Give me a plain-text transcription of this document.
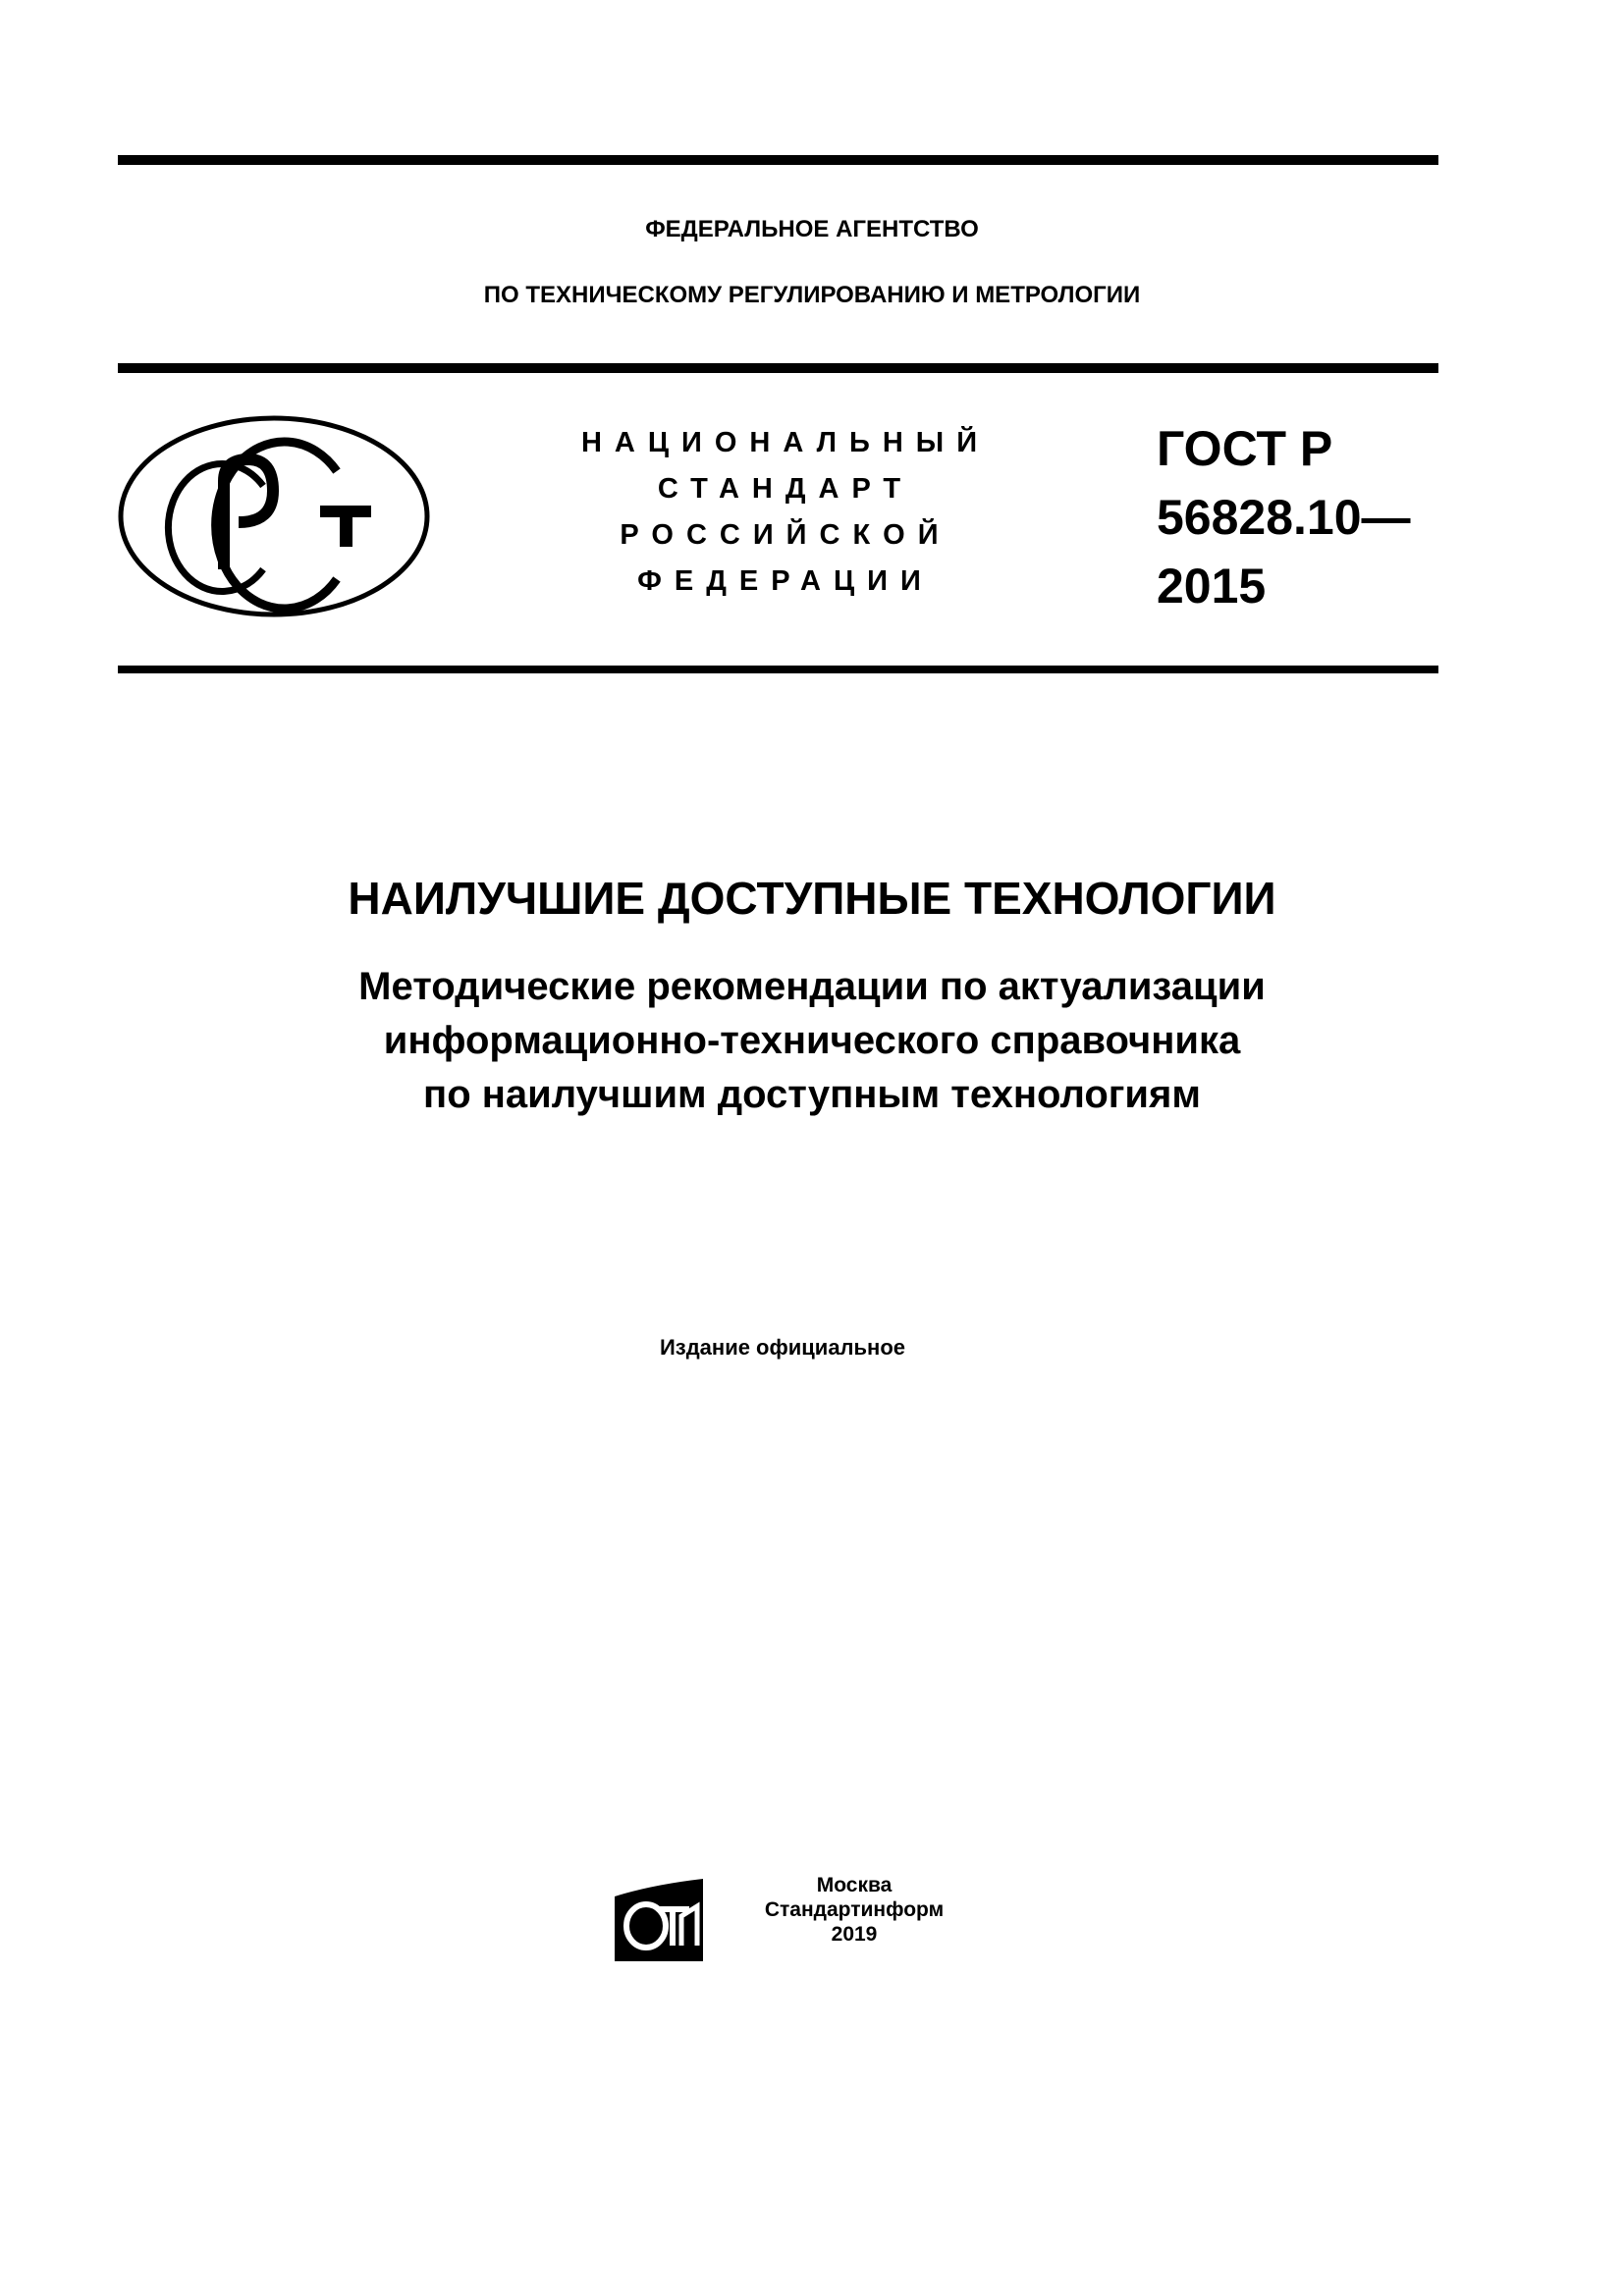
ФЕДЕРАЛЬНОЕ АГЕНТСТВО
ПО ТЕХНИЧЕСКОМУ РЕГУЛИРОВАНИЮ И МЕТРОЛОГИИ
НАЦИОНАЛЬНЫЙ
СТАНДАРТ
РОССИЙСКОЙ
ФЕДЕРАЦИИ
ГОСТ Р
56828.10—
2015
НАИЛУЧШИЕ ДОСТУПНЫЕ ТЕХНОЛОГИИ
Методические рекомендации по актуализации
информационно-технического справочника
по наилучшим доступным технологиям
Издание официальное
Москва
Стандартинформ
2019
